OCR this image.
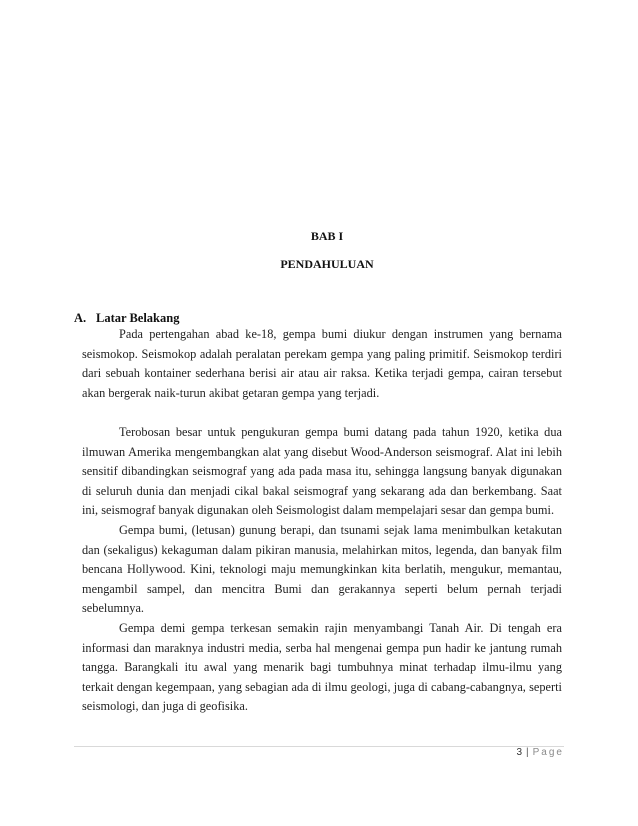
BAB I
PENDAHULUAN
A. Latar Belakang

Pada pertengahan abad ke-18, gempa bumi diukur dengan instrumen yang bernama seismokop. Seismokop adalah peralatan perekam gempa yang paling primitif. Seismokop terdiri dari sebuah kontainer sederhana berisi air atau air raksa. Ketika terjadi gempa, cairan tersebut akan bergerak naik-turun akibat getaran gempa yang terjadi.

Terobosan besar untuk pengukuran gempa bumi datang pada tahun 1920, ketika dua ilmuwan Amerika mengembangkan alat yang disebut Wood-Anderson seismograf. Alat ini lebih sensitif dibandingkan seismograf yang ada pada masa itu, sehingga langsung banyak digunakan di seluruh dunia dan menjadi cikal bakal seismograf yang sekarang ada dan berkembang. Saat ini, seismograf banyak digunakan oleh Seismologist dalam mempelajari sesar dan gempa bumi.

Gempa bumi, (letusan) gunung berapi, dan tsunami sejak lama menimbulkan ketakutan dan (sekaligus) kekaguman dalam pikiran manusia, melahirkan mitos, legenda, dan banyak film bencana Hollywood. Kini, teknologi maju memungkinkan kita berlatih, mengukur, memantau, mengambil sampel, dan mencitra Bumi dan gerakannya seperti belum pernah terjadi sebelumnya.

Gempa demi gempa terkesan semakin rajin menyambangi Tanah Air. Di tengah era informasi dan maraknya industri media, serba hal mengenai gempa pun hadir ke jantung rumah tangga. Barangkali itu awal yang menarik bagi tumbuhnya minat terhadap ilmu-ilmu yang terkait dengan kegempaan, yang sebagian ada di ilmu geologi, juga di cabang-cabangnya, seperti seismologi, dan juga di geofisika.

3 | Page
